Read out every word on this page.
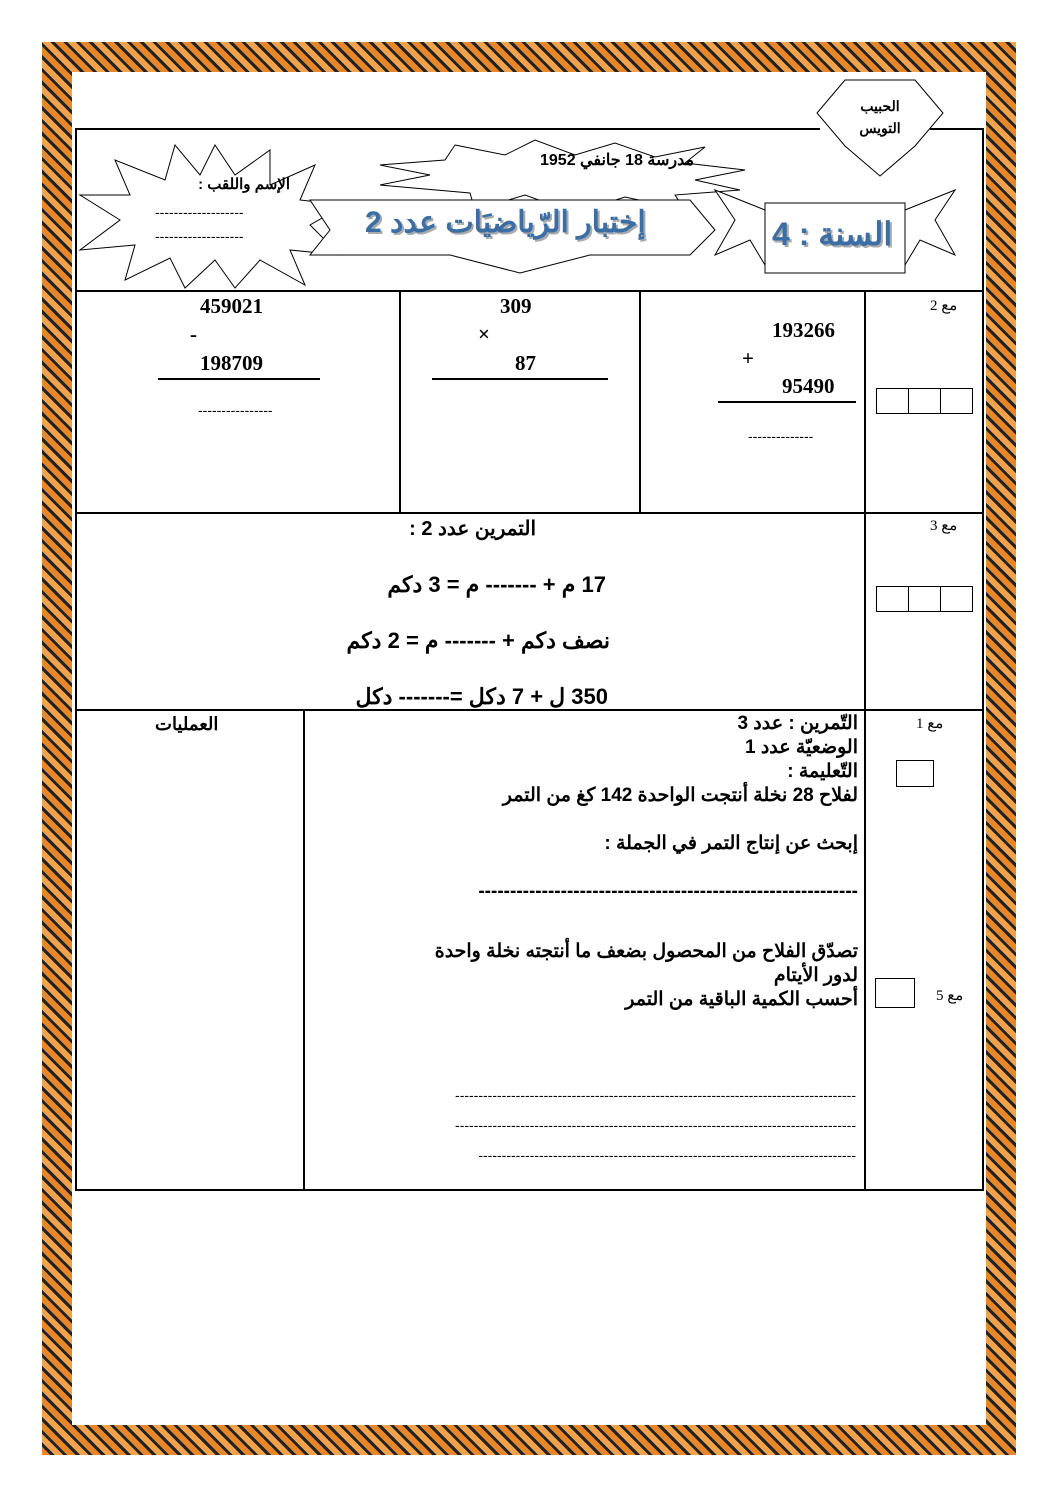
الحبيب
التويس
الإسم واللقب :
-------------------
-------------------
مدرسة 18 جانفي 1952
إختبار الرّياضيَات عدد 2	السنة : 4
مع 2
193266
+
95490
--------------
309
×
87
459021
-
198709
----------------
مع 3
التمرين عدد 2 :
17 م + ------- م = 3 دكم
نصف دكم + ------- م = 2 دكم
350 ل + 7 دكل =------- دكل
مع 1
مع 5
العمليات	التّمرين : عدد 3
الوضعيّة عدد 1
التّعليمة :
لفلاح 28 نخلة أنتجت الواحدة 142 كغ من التمر
إبحث عن إنتاج التمر في الجملة :
------------------------------------------------------------
تصدّق الفلاح من المحصول بضعف ما أنتجته نخلة واحدة
لدور الأيتام
أحسب الكمية الباقية من التمر
--------------------------------------------------------------------------------------
--------------------------------------------------------------------------------------
---------------------------------------------------------------------------------
